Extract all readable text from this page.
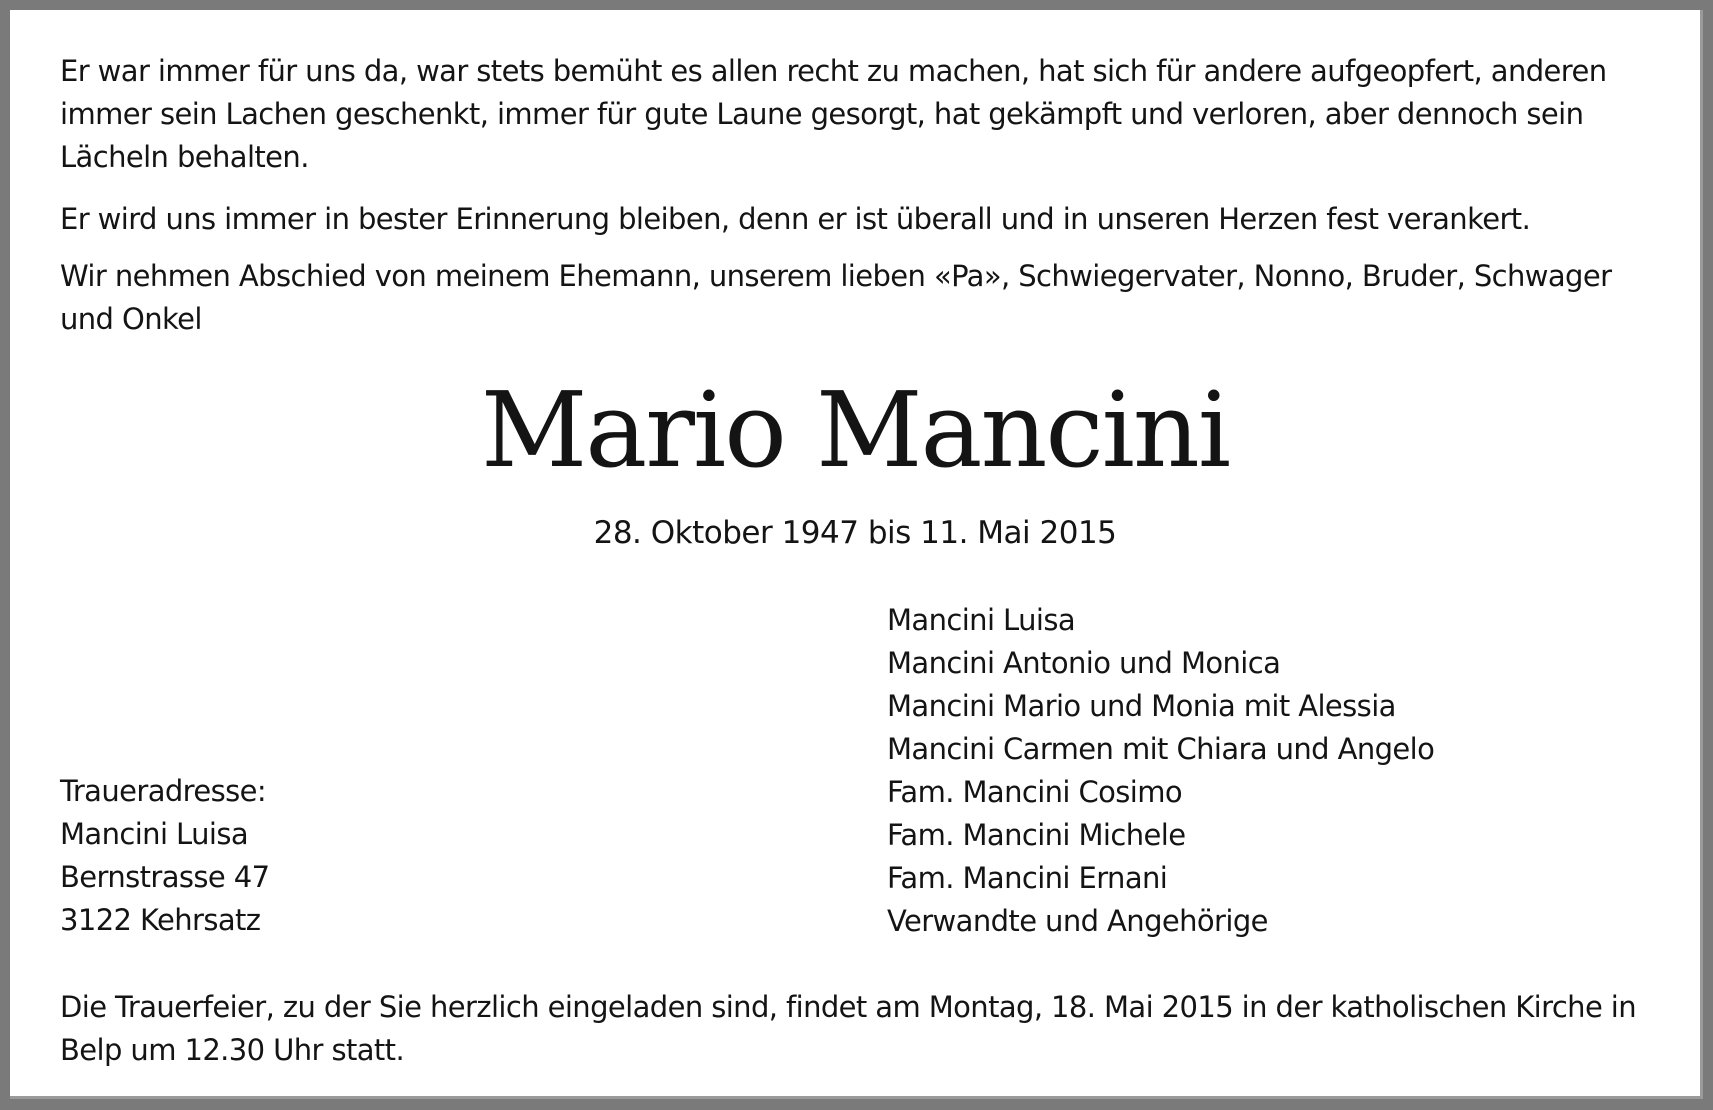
Er war immer für uns da, war stets bemüht es allen recht zu machen, hat sich für andere aufgeopfert, anderen immer sein Lachen geschenkt, immer für gute Laune gesorgt, hat gekämpft und verloren, aber dennoch sein Lächeln behalten.

Er wird uns immer in bester Erinnerung bleiben, denn er ist überall und in unseren Herzen fest verankert.

Wir nehmen Abschied von meinem Ehemann, unserem lieben «Pa», Schwiegervater, Nonno, Bruder, Schwager und Onkel

Mario Mancini
28. Oktober 1947 bis 11. Mai 2015
Mancini Luisa
Mancini Antonio und Monica
Mancini Mario und Monia mit Alessia
Mancini Carmen mit Chiara und Angelo
Fam. Mancini Cosimo
Fam. Mancini Michele
Fam. Mancini Ernani
Verwandte und Angehörige
Traueradresse:
Mancini Luisa
Bernstrasse 47
3122 Kehrsatz

Die Trauerfeier, zu der Sie herzlich eingeladen sind, findet am Montag, 18. Mai 2015 in der katholischen Kirche in Belp um 12.30 Uhr statt.
